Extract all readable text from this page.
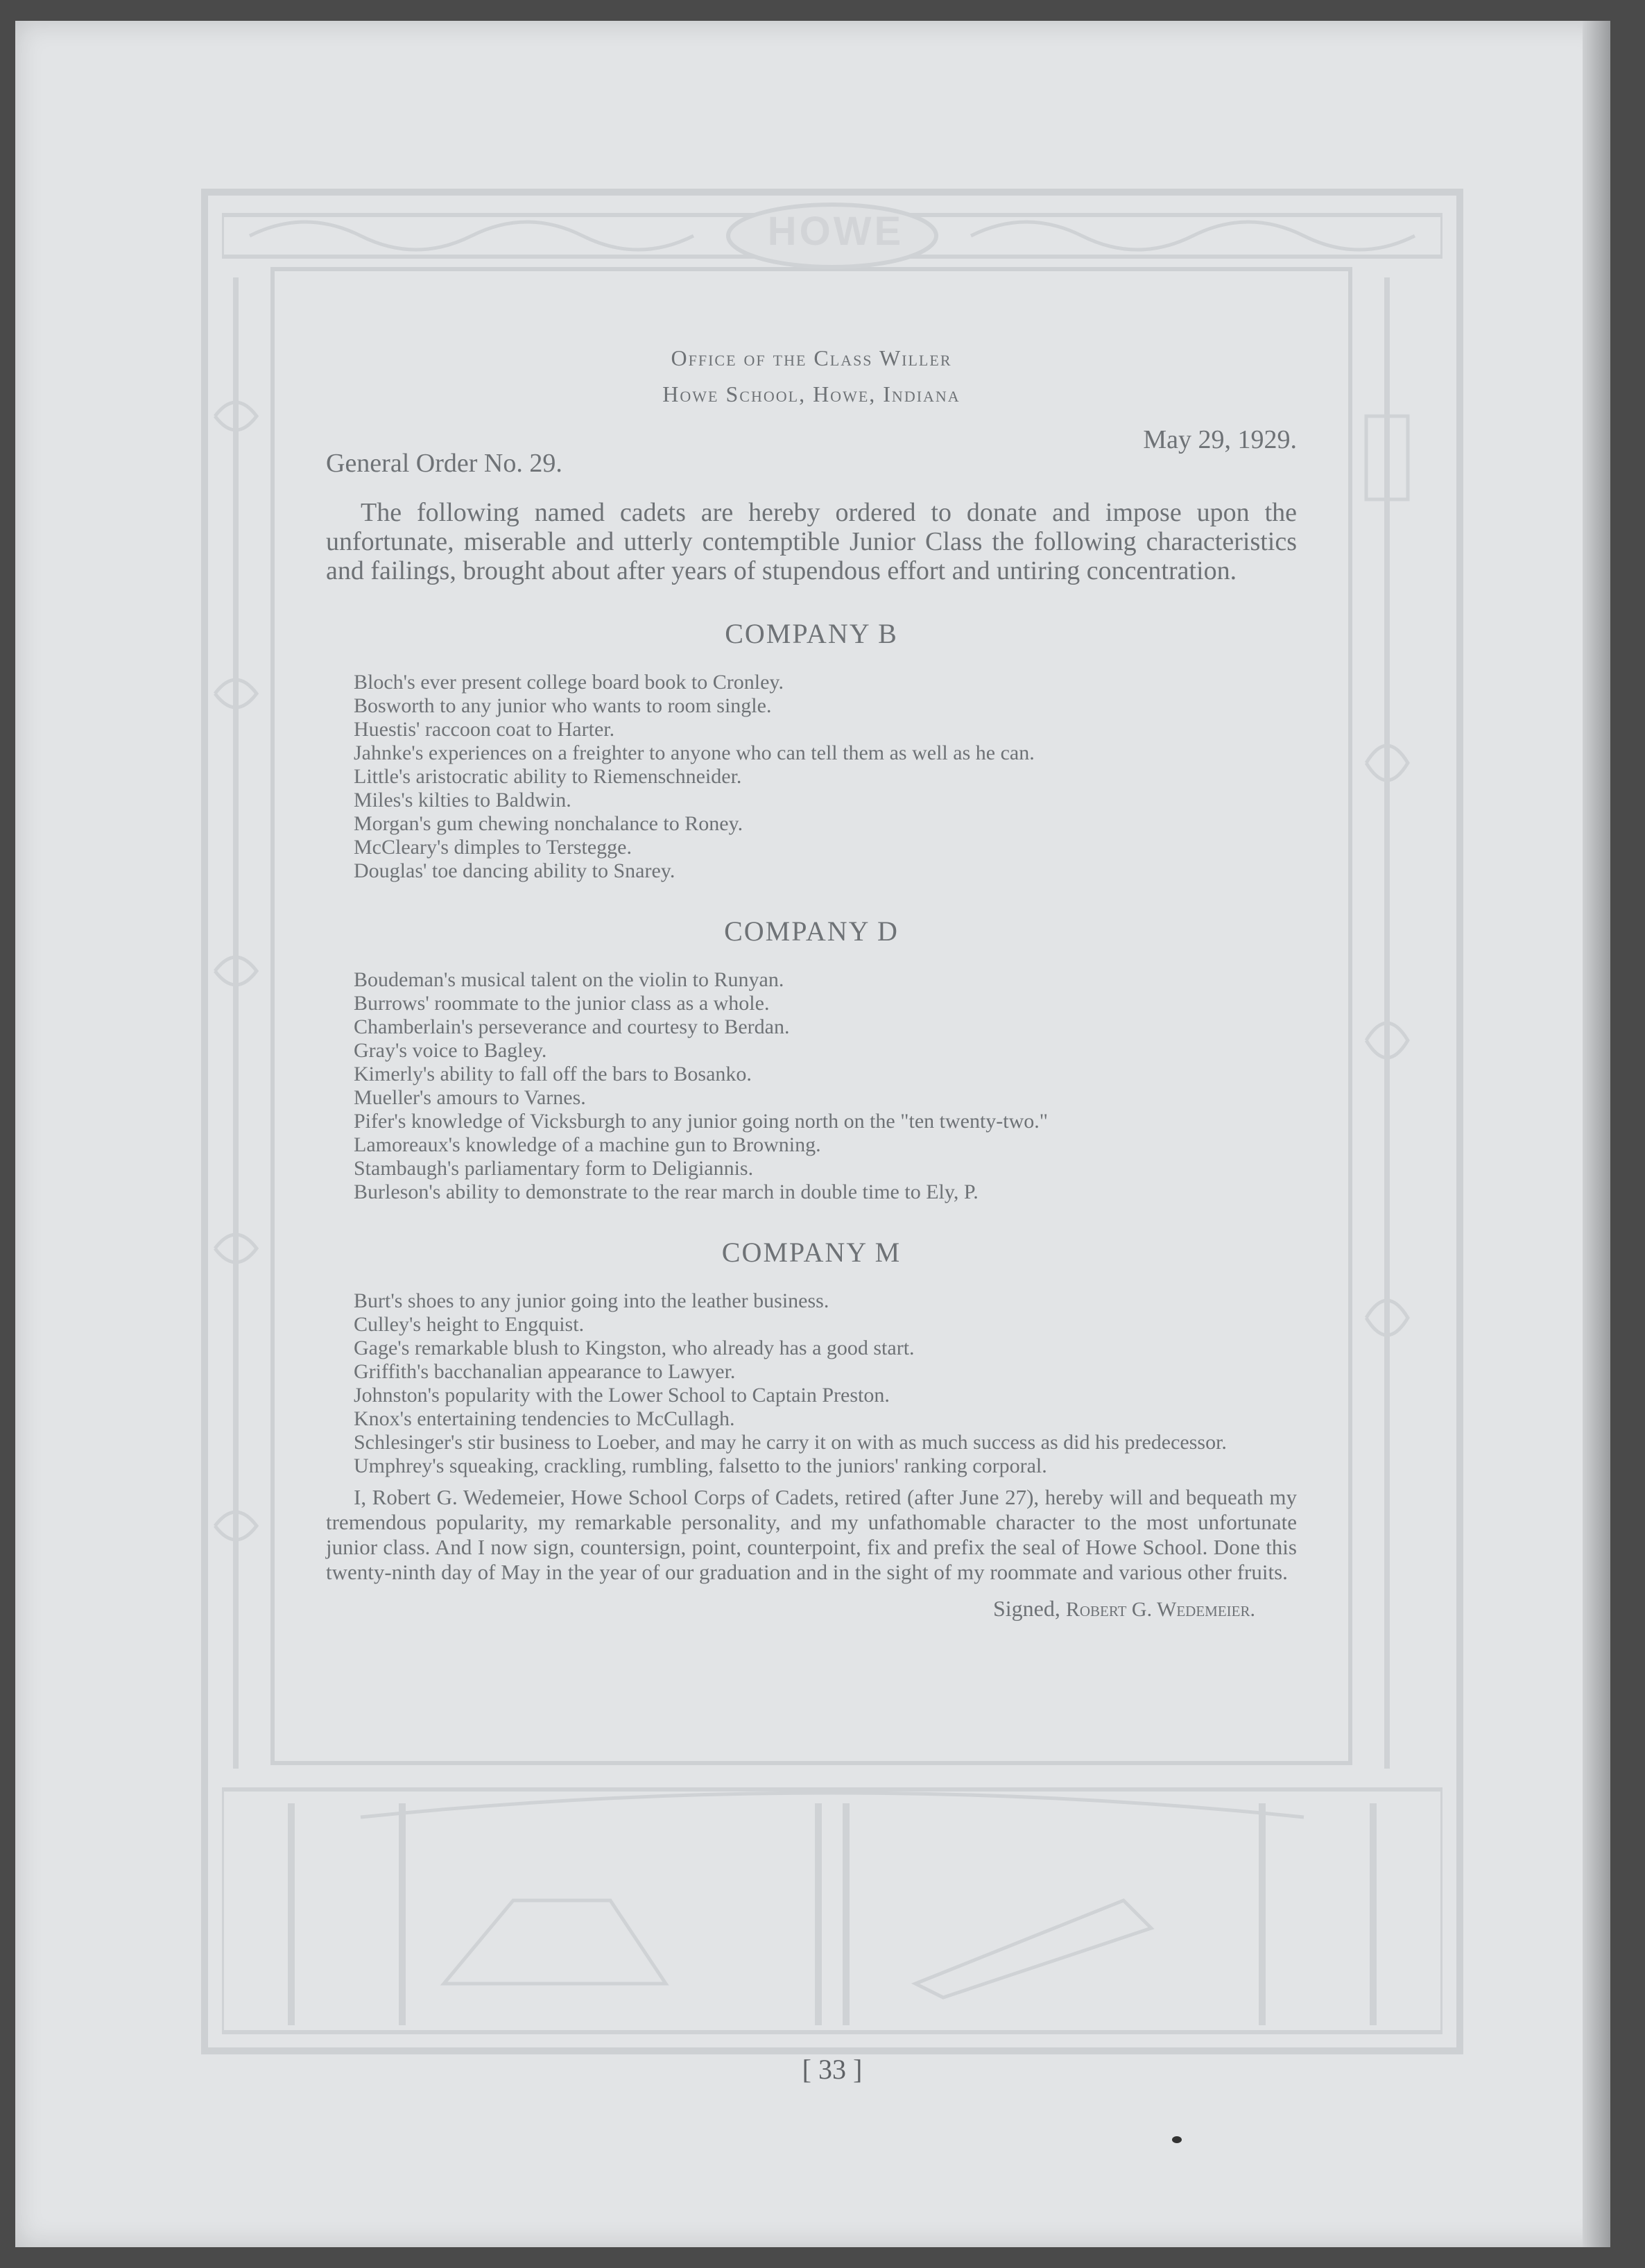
HOWE
Office of the Class Willer
Howe School, Howe, Indiana
May 29, 1929.
General Order No. 29.
The following named cadets are hereby ordered to donate and impose upon the unfortunate, miserable and utterly contemptible Junior Class the following characteristics and failings, brought about after years of stupendous effort and untiring concentration.
COMPANY B
Bloch's ever present college board book to Cronley.
Bosworth to any junior who wants to room single.
Huestis' raccoon coat to Harter.
Jahnke's experiences on a freighter to anyone who can tell them as well as he can.
Little's aristocratic ability to Riemenschneider.
Miles's kilties to Baldwin.
Morgan's gum chewing nonchalance to Roney.
McCleary's dimples to Terstegge.
Douglas' toe dancing ability to Snarey.
COMPANY D
Boudeman's musical talent on the violin to Runyan.
Burrows' roommate to the junior class as a whole.
Chamberlain's perseverance and courtesy to Berdan.
Gray's voice to Bagley.
Kimerly's ability to fall off the bars to Bosanko.
Mueller's amours to Varnes.
Pifer's knowledge of Vicksburgh to any junior going north on the "ten twenty-two."
Lamoreaux's knowledge of a machine gun to Browning.
Stambaugh's parliamentary form to Deligiannis.
Burleson's ability to demonstrate to the rear march in double time to Ely, P.
COMPANY M
Burt's shoes to any junior going into the leather business.
Culley's height to Engquist.
Gage's remarkable blush to Kingston, who already has a good start.
Griffith's bacchanalian appearance to Lawyer.
Johnston's popularity with the Lower School to Captain Preston.
Knox's entertaining tendencies to McCullagh.
Schlesinger's stir business to Loeber, and may he carry it on with as much success as did his predecessor.
Umphrey's squeaking, crackling, rumbling, falsetto to the juniors' ranking corporal.
I, Robert G. Wedemeier, Howe School Corps of Cadets, retired (after June 27), hereby will and bequeath my tremendous popularity, my remarkable personality, and my unfathomable character to the most unfortunate junior class. And I now sign, countersign, point, counterpoint, fix and prefix the seal of Howe School. Done this twenty-ninth day of May in the year of our graduation and in the sight of my roommate and various other fruits.
Signed, Robert G. Wedemeier.
[ 33 ]
